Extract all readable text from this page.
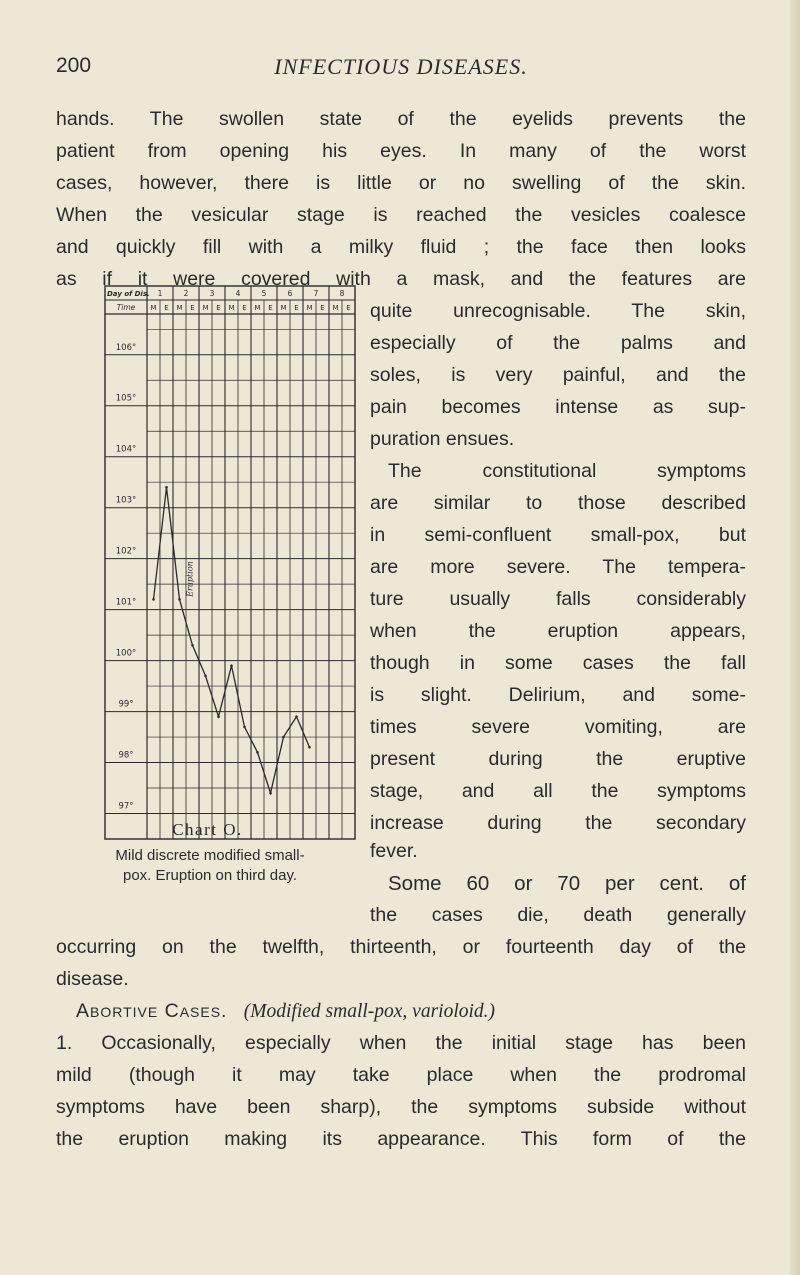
200	INFECTIOUS DISEASES.
hands. The swollen state of the eyelids prevents the
patient from opening his eyes. In many of the worst
cases, however, there is little or no swelling of the skin.
When the vesicular stage is reached the vesicles coalesce
and quickly fill with a milky fluid ; the face then looks
as if it were covered with a mask, and the features are
quite unrecognisable. The skin,
especially of the palms and
soles, is very painful, and the
pain becomes intense as sup-
puration ensues.
The constitutional symptoms
are similar to those described
in semi-confluent small-pox, but
are more severe. The tempera-
ture usually falls considerably
when the eruption appears,
though in some cases the fall
is slight. Delirium, and some-
times severe vomiting, are
present during the eruptive
stage, and all the symptoms
increase during the secondary
fever.
Some 60 or 70 per cent. of
the cases die, death generally
occurring on the twelfth, thirteenth, or fourteenth day of the
disease.
Abortive Cases. (Modified small-pox, varioloid.)
1. Occasionally, especially when the initial stage has been
mild (though it may take place when the prodromal
symptoms have been sharp), the symptoms subside without
the eruption making its appearance. This form of the
Day of Dis.
Time
1	2	3	4	5	6	7	8
M E M E M E M E M E M E M E M E
106°
105°
104°
103°
102°
101°
100°
99°
98°
97°
Eruption
Chart O.
Mild discrete modified small-
pox. Eruption on third day.
